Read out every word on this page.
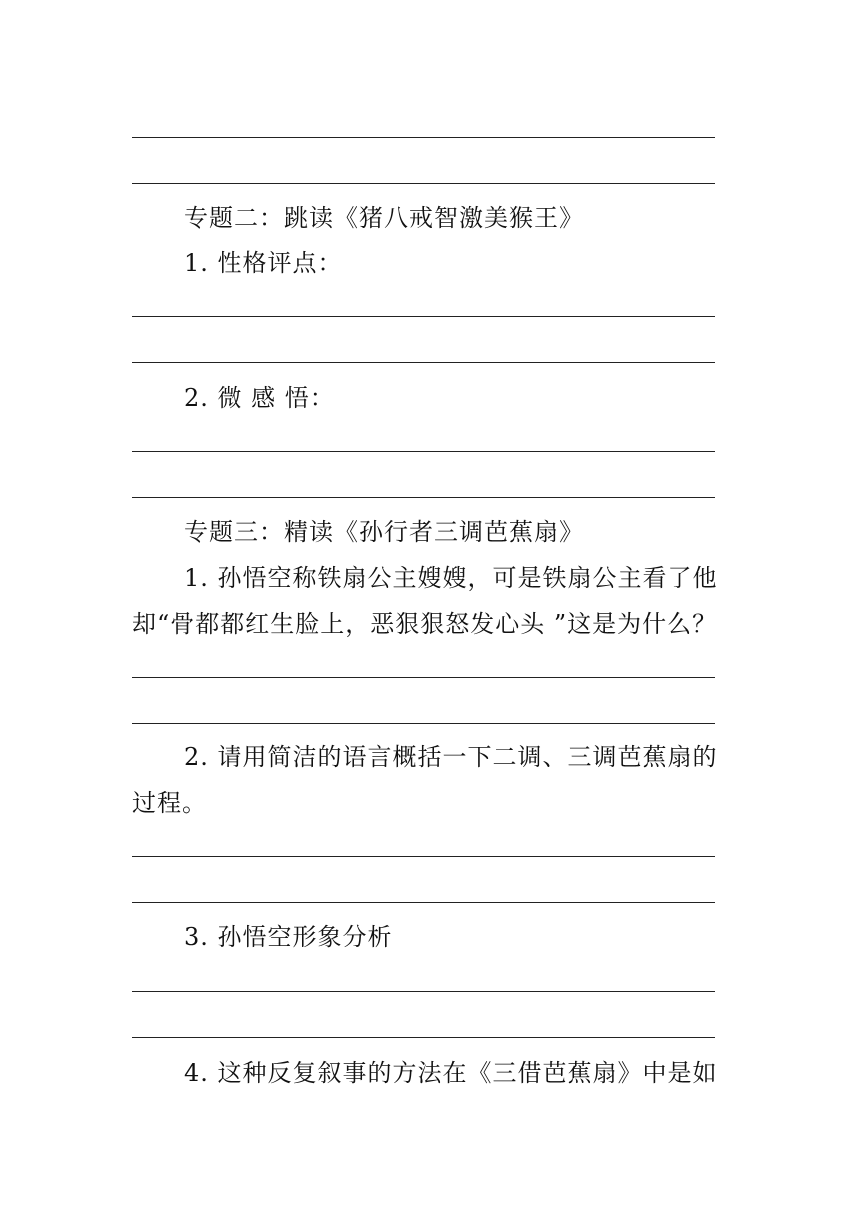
专题二：跳读《猪八戒智激美猴王》
1. 性格评点：
2. 微 感 悟：
专题三：精读《孙行者三调芭蕉扇》
1. 孙悟空称铁扇公主嫂嫂，可是铁扇公主看了他
却“骨都都红生脸上，恶狠狠怒发心头 ”这是为什么？
2. 请用简洁的语言概括一下二调、三调芭蕉扇的
过程。
3. 孙悟空形象分析
4. 这种反复叙事的方法在《三借芭蕉扇》中是如
